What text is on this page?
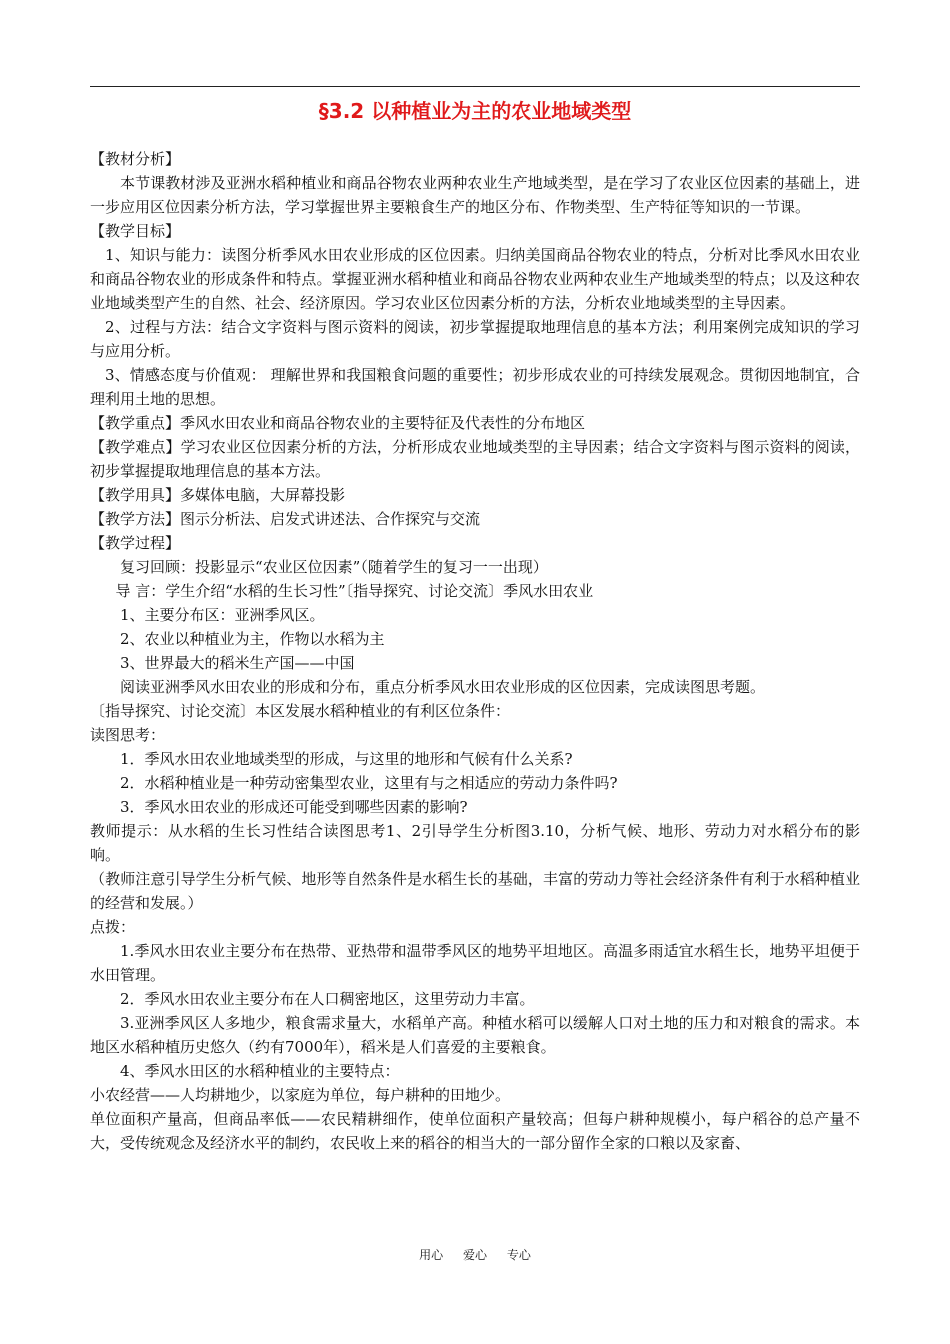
§3.2 以种植业为主的农业地域类型

【教材分析】

本节课教材涉及亚洲水稻种植业和商品谷物农业两种农业生产地域类型，是在学习了农业区位因素的基础上，进一步应用区位因素分析方法，学习掌握世界主要粮食生产的地区分布、作物类型、生产特征等知识的一节课。

【教学目标】

1、知识与能力：读图分析季风水田农业形成的区位因素。归纳美国商品谷物农业的特点，分析对比季风水田农业和商品谷物农业的形成条件和特点。掌握亚洲水稻种植业和商品谷物农业两种农业生产地域类型的特点；以及这种农业地域类型产生的自然、社会、经济原因。学习农业区位因素分析的方法，分析农业地域类型的主导因素。

2、过程与方法：结合文字资料与图示资料的阅读，初步掌握提取地理信息的基本方法；利用案例完成知识的学习与应用分析。

3、情感态度与价值观： 理解世界和我国粮食问题的重要性；初步形成农业的可持续发展观念。贯彻因地制宜，合理利用土地的思想。

【教学重点】季风水田农业和商品谷物农业的主要特征及代表性的分布地区

【教学难点】学习农业区位因素分析的方法，分析形成农业地域类型的主导因素；结合文字资料与图示资料的阅读，初步掌握提取地理信息的基本方法。

【教学用具】多媒体电脑，大屏幕投影

【教学方法】图示分析法、启发式讲述法、合作探究与交流

【教学过程】

复习回顾：投影显示“农业区位因素”（随着学生的复习一一出现）

导 言：学生介绍“水稻的生长习性”〔指导探究、讨论交流〕季风水田农业

1、主要分布区：亚洲季风区。

2、农业以种植业为主，作物以水稻为主

3、世界最大的稻米生产国——中国

阅读亚洲季风水田农业的形成和分布，重点分析季风水田农业形成的区位因素，完成读图思考题。

〔指导探究、讨论交流〕本区发展水稻种植业的有利区位条件：

读图思考：

1．季风水田农业地域类型的形成，与这里的地形和气候有什么关系?

2．水稻种植业是一种劳动密集型农业，这里有与之相适应的劳动力条件吗?

3．季风水田农业的形成还可能受到哪些因素的影响?

教师提示：从水稻的生长习性结合读图思考1、2引导学生分析图3.10，分析气候、地形、劳动力对水稻分布的影响。

（教师注意引导学生分析气候、地形等自然条件是水稻生长的基础，丰富的劳动力等社会经济条件有利于水稻种植业的经营和发展。）

点拨：

1.季风水田农业主要分布在热带、亚热带和温带季风区的地势平坦地区。高温多雨适宜水稻生长，地势平坦便于水田管理。

2．季风水田农业主要分布在人口稠密地区，这里劳动力丰富。

3.亚洲季风区人多地少，粮食需求量大，水稻单产高。种植水稻可以缓解人口对土地的压力和对粮食的需求。本地区水稻种植历史悠久（约有7000年），稻米是人们喜爱的主要粮食。

4、季风水田区的水稻种植业的主要特点：

小农经营——人均耕地少，以家庭为单位，每户耕种的田地少。

单位面积产量高，但商品率低——农民精耕细作，使单位面积产量较高；但每户耕种规模小，每户稻谷的总产量不大，受传统观念及经济水平的制约，农民收上来的稻谷的相当大的一部分留作全家的口粮以及家畜、

用心 爱心 专心
